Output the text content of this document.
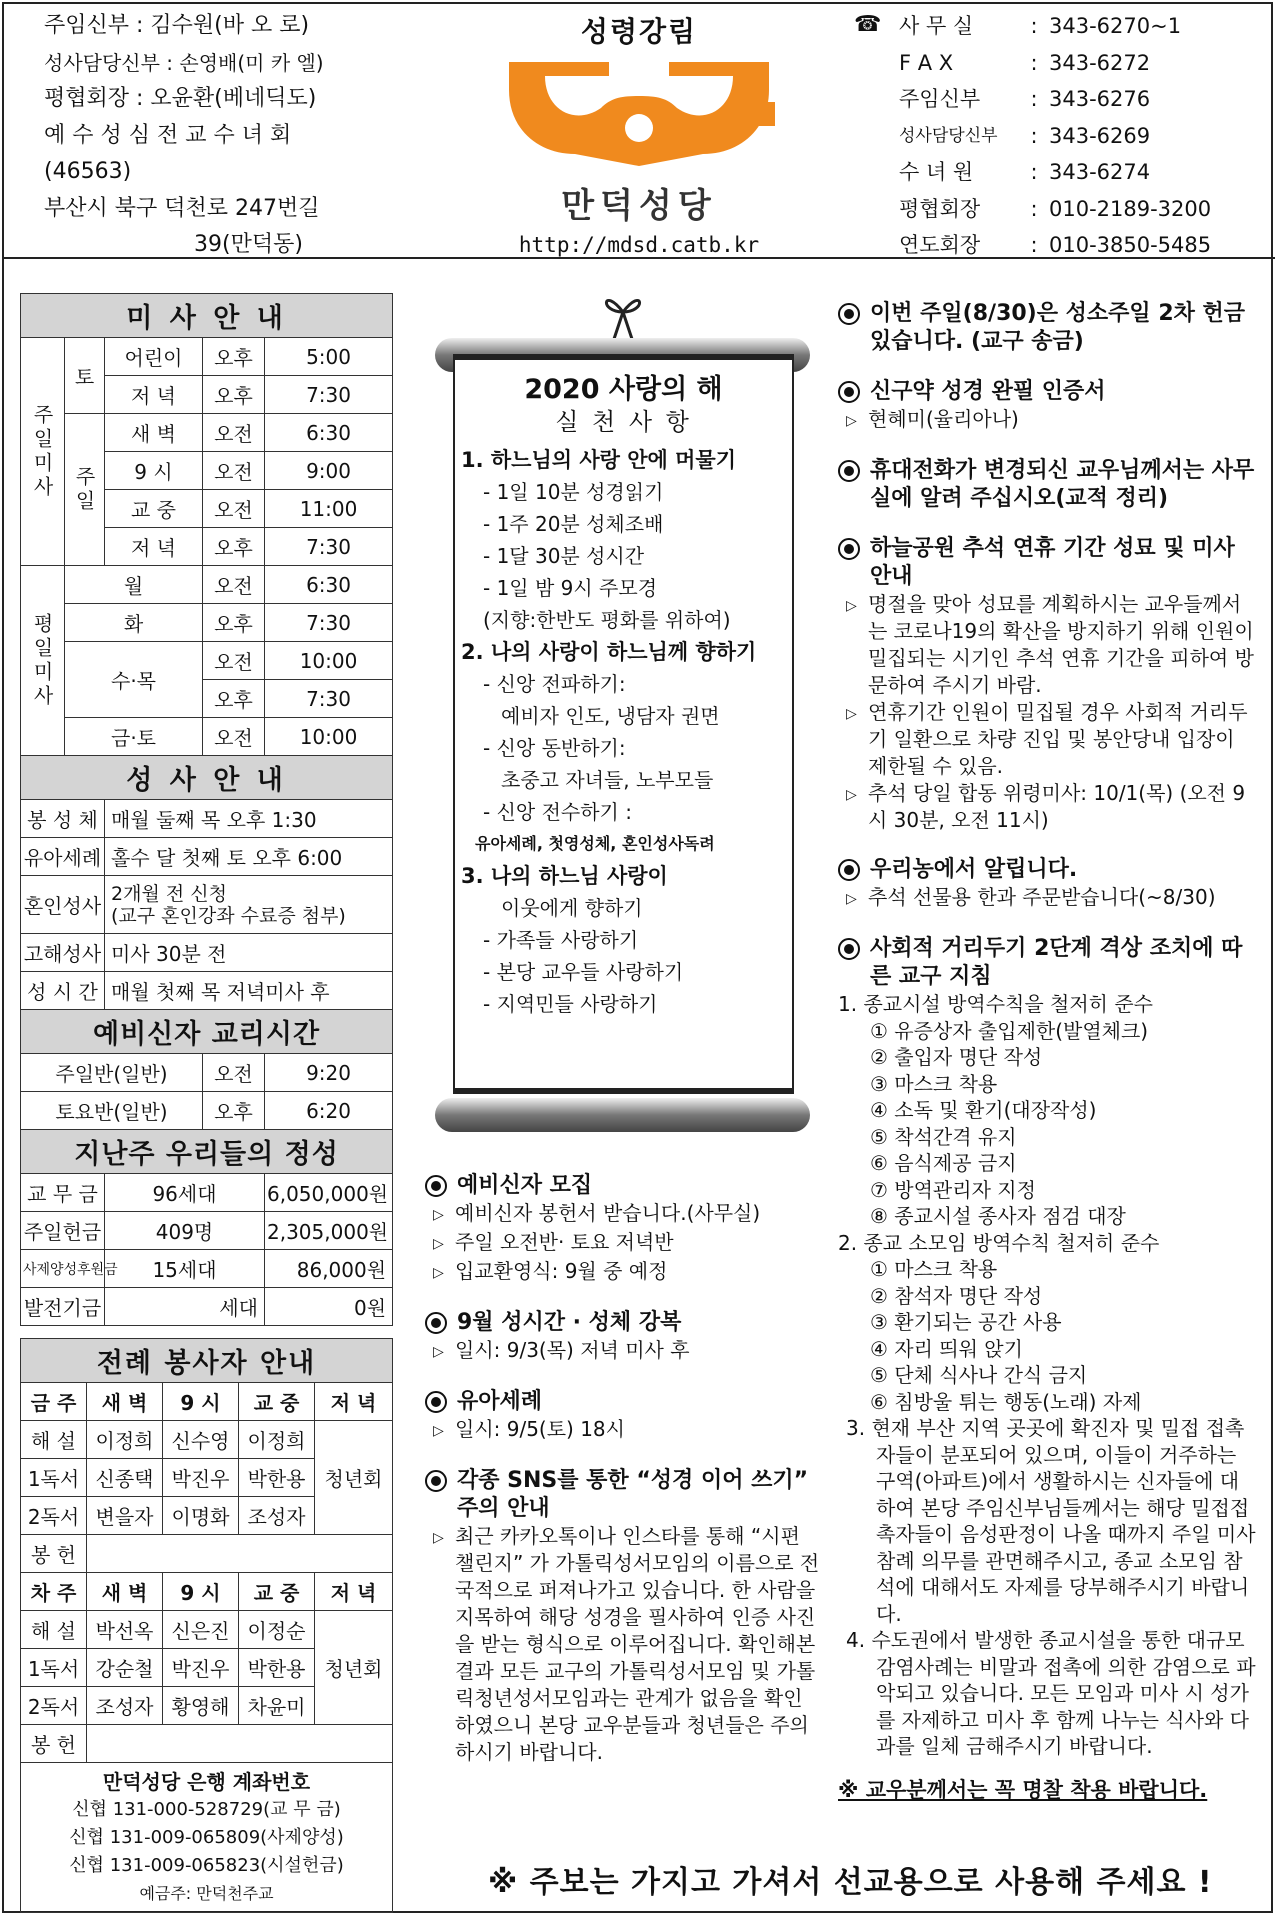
주임신부 : 김수원(바 오 로)
성사담당신부 : 손영배(미 카 엘)
평협회장 : 오윤환(베네딕도)
예 수 성 심 전 교 수 녀 회
(46563)
부산시 북구 덕천로 247번길
39(만덕동)
성령강림
만덕성당
http://mdsd.catb.kr
☎ 사 무 실	: 343-6270~1
F A X	: 343-6272
주임신부	: 343-6276
성사담당신부	: 343-6269
수 녀 원	: 343-6274
평협회장	: 010-2189-3200
연도회장	: 010-3850-5485
미 사 안 내				
주일미사	토	어린이	오후	5:00
		저 녁	오후	7:30
	주일	새 벽	오전	6:30
		9 시	오전	9:00
		교 중	오전	11:00
		저 녁	오후	7:30
평일미사	월		오전	6:30
	화		오후	7:30
	수·목		오전	10:00
			오후	7:30
	금·토		오전	10:00
성 사 안 내				
봉 성 체		매월 둘째 목 오후 1:30		
유아세례		홀수 달 첫째 토 오후 6:00		
혼인성사		2개월 전 신청
(교구 혼인강좌 수료증 첨부)		

고해성사		미사 30분 전		
성 시 간		매월 첫째 목 저녁미사 후		
예비신자 교리시간				
주일반(일반)			오전	9:20
토요반(일반)			오후	6:20
지난주 우리들의 정성				
교 무 금		96세대		6,050,000원
주일헌금		409명		2,305,000원
사제양성후원금		15세대		86,000원
발전기금		세대		0원
전례 봉사자 안내				
금 주	새 벽	9 시	교 중	저 녁
해 설	이정희	신수영	이정희	청년회
1독서	신종택	박진우	박한용	
2독서	변을자	이명화	조성자	
봉 헌				
차 주	새 벽	9 시	교 중	저 녁
해 설	박선옥	신은진	이정순	청년회
1독서	강순철	박진우	박한용	
2독서	조성자	황영해	차윤미	
봉 헌				

만덕성당 은행 계좌번호
신협 131-000-528729(교 무 금)
신협 131-009-065809(사제양성)
신협 131-009-065823(시설헌금)
예금주: 만덕천주교				
2020 사랑의 해
실 천 사 항
1. 하느님의 사랑 안에 머물기
- 1일 10분 성경읽기
- 1주 20분 성체조배
- 1달 30분 성시간
- 1일 밤 9시 주모경
(지향:한반도 평화를 위하여)
2. 나의 사랑이 하느님께 향하기
- 신앙 전파하기:
예비자 인도, 냉담자 권면
- 신앙 동반하기:
초중고 자녀들, 노부모들
- 신앙 전수하기 :
유아세례, 첫영성체, 혼인성사독려
3. 나의 하느님 사랑이
이웃에게 향하기
- 가족들 사랑하기
- 본당 교우들 사랑하기
- 지역민들 사랑하기
예비신자 모집
▷ 예비신자 봉헌서 받습니다.(사무실)
▷ 주일 오전반· 토요 저녁반
▷ 입교환영식: 9월 중 예정
9월 성시간 · 성체 강복
▷ 일시: 9/3(목) 저녁 미사 후
유아세례
▷ 일시: 9/5(토) 18시
각종 SNS를 통한 “성경 이어 쓰기” 주의 안내
▷ 최근 카카오톡이나 인스타를 통해 “시편 챌린지” 가 가톨릭성서모임의 이름으로 전국적으로 퍼져나가고 있습니다. 한 사람을 지목하여 해당 성경을 필사하여 인증 사진을 받는 형식으로 이루어집니다. 확인해본 결과 모든 교구의 가톨릭성서모임 및 가톨릭청년성서모임과는 관계가 없음을 확인하였으니 본당 교우분들과 청년들은 주의하시기 바랍니다.
이번 주일(8/30)은 성소주일 2차 헌금 있습니다. (교구 송금)
신구약 성경 완필 인증서
▷ 현혜미(율리아나)
휴대전화가 변경되신 교우님께서는 사무실에 알려 주십시오(교적 정리)
하늘공원 추석 연휴 기간 성묘 및 미사 안내
▷ 명절을 맞아 성묘를 계획하시는 교우들께서는 코로나19의 확산을 방지하기 위해 인원이 밀집되는 시기인 추석 연휴 기간을 피하여 방문하여 주시기 바람.
▷ 연휴기간 인원이 밀집될 경우 사회적 거리두기 일환으로 차량 진입 및 봉안당내 입장이 제한될 수 있음.
▷ 추석 당일 합동 위령미사: 10/1(목) (오전 9시 30분, 오전 11시)
우리농에서 알립니다.
▷ 추석 선물용 한과 주문받습니다(~8/30)
사회적 거리두기 2단계 격상 조치에 따른 교구 지침
1. 종교시설 방역수칙을 철저히 준수
① 유증상자 출입제한(발열체크)
② 출입자 명단 작성
③ 마스크 착용
④ 소독 및 환기(대장작성)
⑤ 착석간격 유지
⑥ 음식제공 금지
⑦ 방역관리자 지정
⑧ 종교시설 종사자 점검 대장
2. 종교 소모임 방역수칙 철저히 준수
① 마스크 착용
② 참석자 명단 작성
③ 환기되는 공간 사용
④ 자리 띄워 앉기
⑤ 단체 식사나 간식 금지
⑥ 침방울 튀는 행동(노래) 자제
3. 현재 부산 지역 곳곳에 확진자 및 밀접 접촉자들이 분포되어 있으며, 이들이 거주하는 구역(아파트)에서 생활하시는 신자들에 대하여 본당 주임신부님들께서는 해당 밀접접촉자들이 음성판정이 나올 때까지 주일 미사 참례 의무를 관면해주시고, 종교 소모임 참석에 대해서도 자제를 당부해주시기 바랍니다.
4. 수도권에서 발생한 종교시설을 통한 대규모 감염사례는 비말과 접촉에 의한 감염으로 파악되고 있습니다. 모든 모임과 미사 시 성가를 자제하고 미사 후 함께 나누는 식사와 다과를 일체 금해주시기 바랍니다.
※ 교우분께서는 꼭 명찰 착용 바랍니다.
※ 주보는 가지고 가셔서 선교용으로 사용해 주세요 !
